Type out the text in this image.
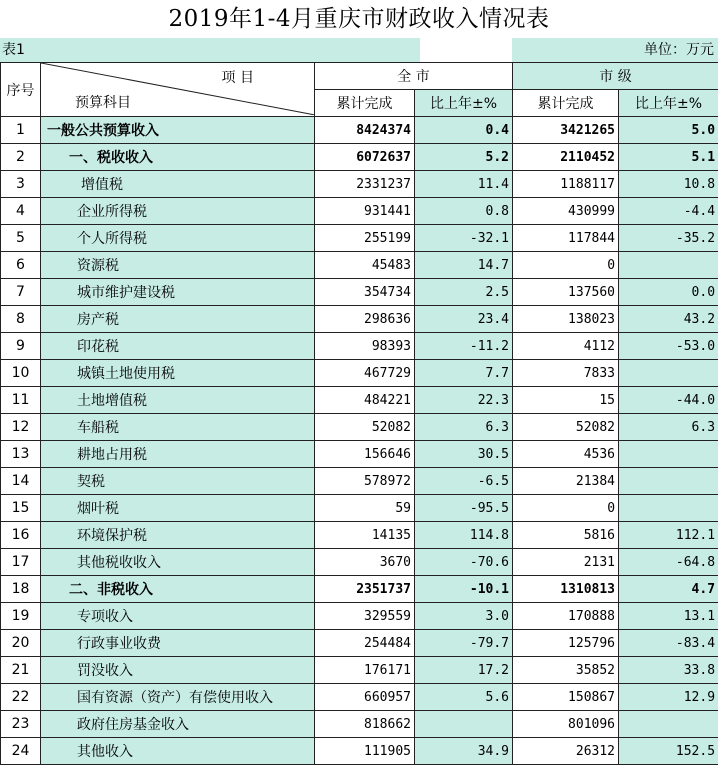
2019年1-4月重庆市财政收入情况表
表1	单位：万元
序号	项 目
预算科目	全 市		市 级	
		累计完成	比上年±%	累计完成	比上年±%
1	一般公共预算收入	8424374	0.4	3421265	5.0
2	一、税收收入	6072637	5.2	2110452	5.1
3	增值税	2331237	11.4	1188117	10.8
4	企业所得税	931441	0.8	430999	-4.4
5	个人所得税	255199	-32.1	117844	-35.2
6	资源税	45483	14.7	0	
7	城市维护建设税	354734	2.5	137560	0.0
8	房产税	298636	23.4	138023	43.2
9	印花税	98393	-11.2	4112	-53.0
10	城镇土地使用税	467729	7.7	7833	
11	土地增值税	484221	22.3	15	-44.0
12	车船税	52082	6.3	52082	6.3
13	耕地占用税	156646	30.5	4536	
14	契税	578972	-6.5	21384	
15	烟叶税	59	-95.5	0	
16	环境保护税	14135	114.8	5816	112.1
17	其他税收收入	3670	-70.6	2131	-64.8
18	二、非税收入	2351737	-10.1	1310813	4.7
19	专项收入	329559	3.0	170888	13.1
20	行政事业收费	254484	-79.7	125796	-83.4
21	罚没收入	176171	17.2	35852	33.8
22	国有资源（资产）有偿使用收入	660957	5.6	150867	12.9
23	政府住房基金收入	818662		801096	
24	其他收入	111905	34.9	26312	152.5
